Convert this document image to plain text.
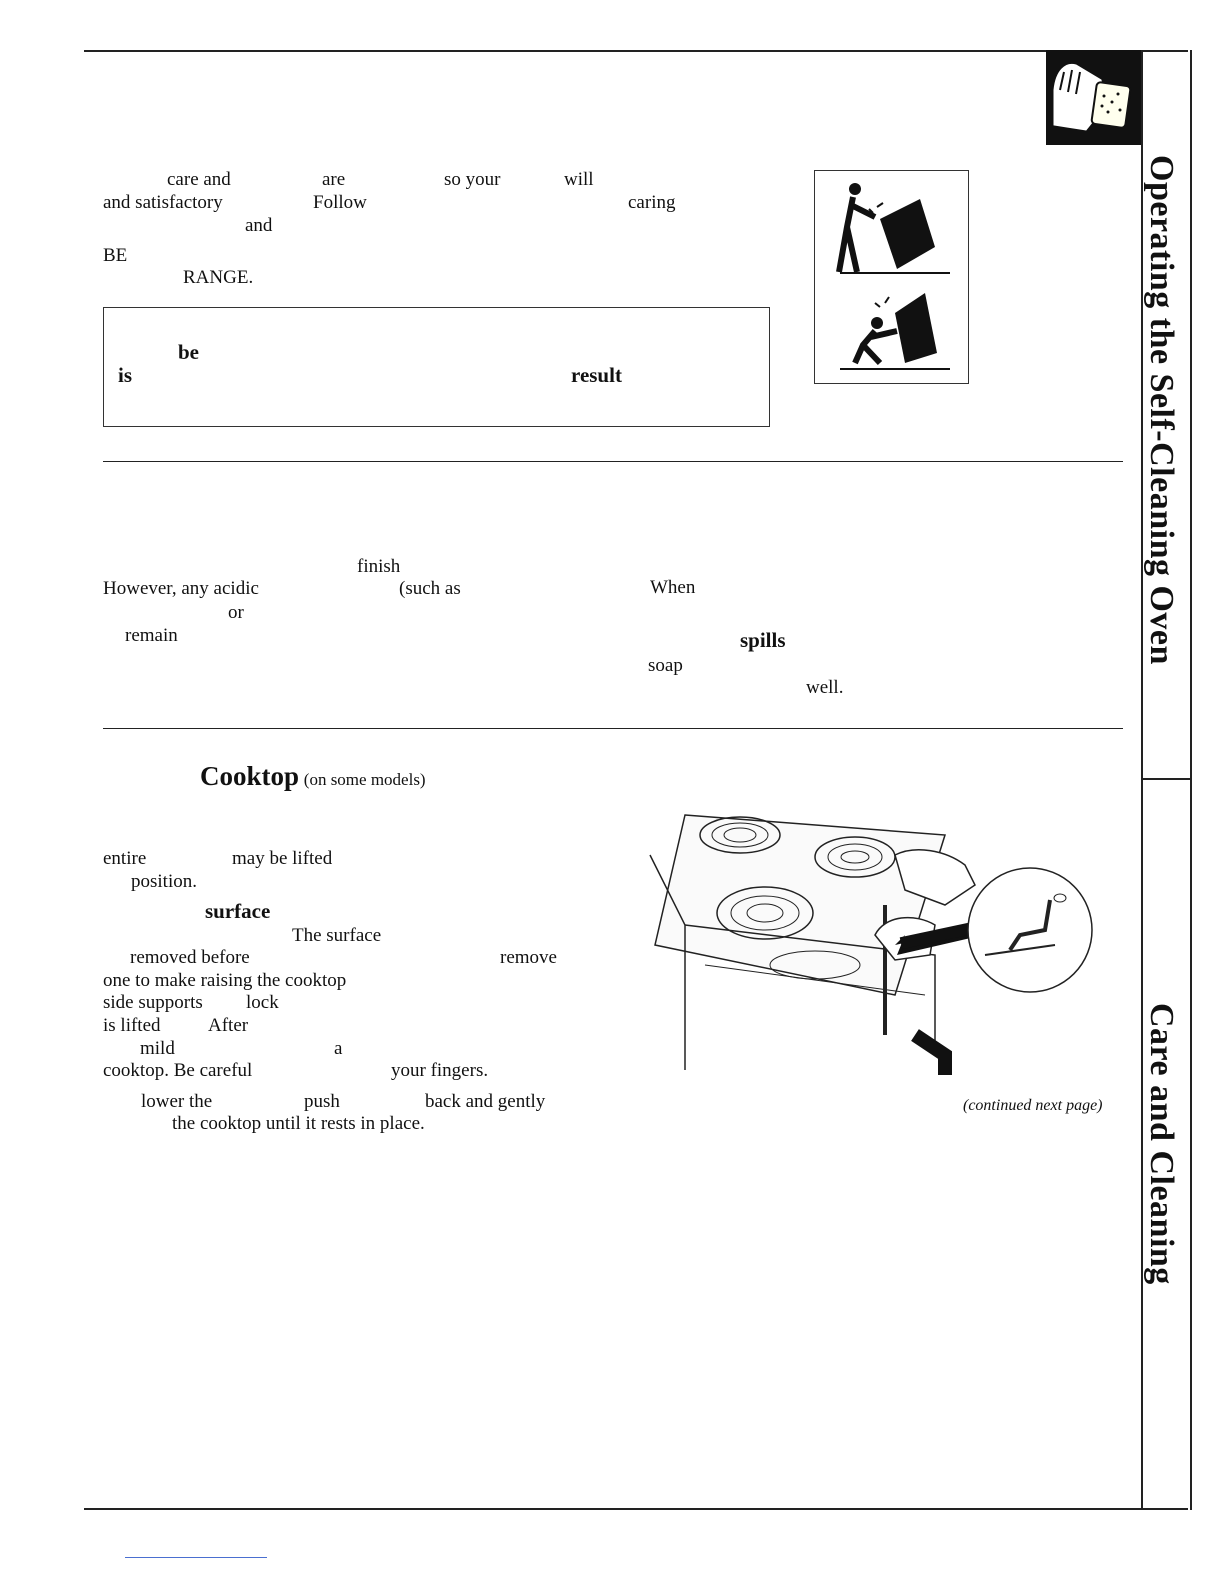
Operating the Self-Cleaning Oven
Care and Cleaning
care and	are	so your	will
and satisfactory	Follow	caring
and
BE
RANGE.
be
is	result
finish
However, any acidic	(such as	When
or
remain	spills
soap
well.
Cooktop (on some models)
entire	may be lifted
position.
surface
The surface
removed before	remove
one to make raising the cooktop
side supports lock
is lifted After
mild	a
cooktop. Be careful	your fingers.
lower the	push	back and gently
the cooktop until it rests in place.
(continued next page)
